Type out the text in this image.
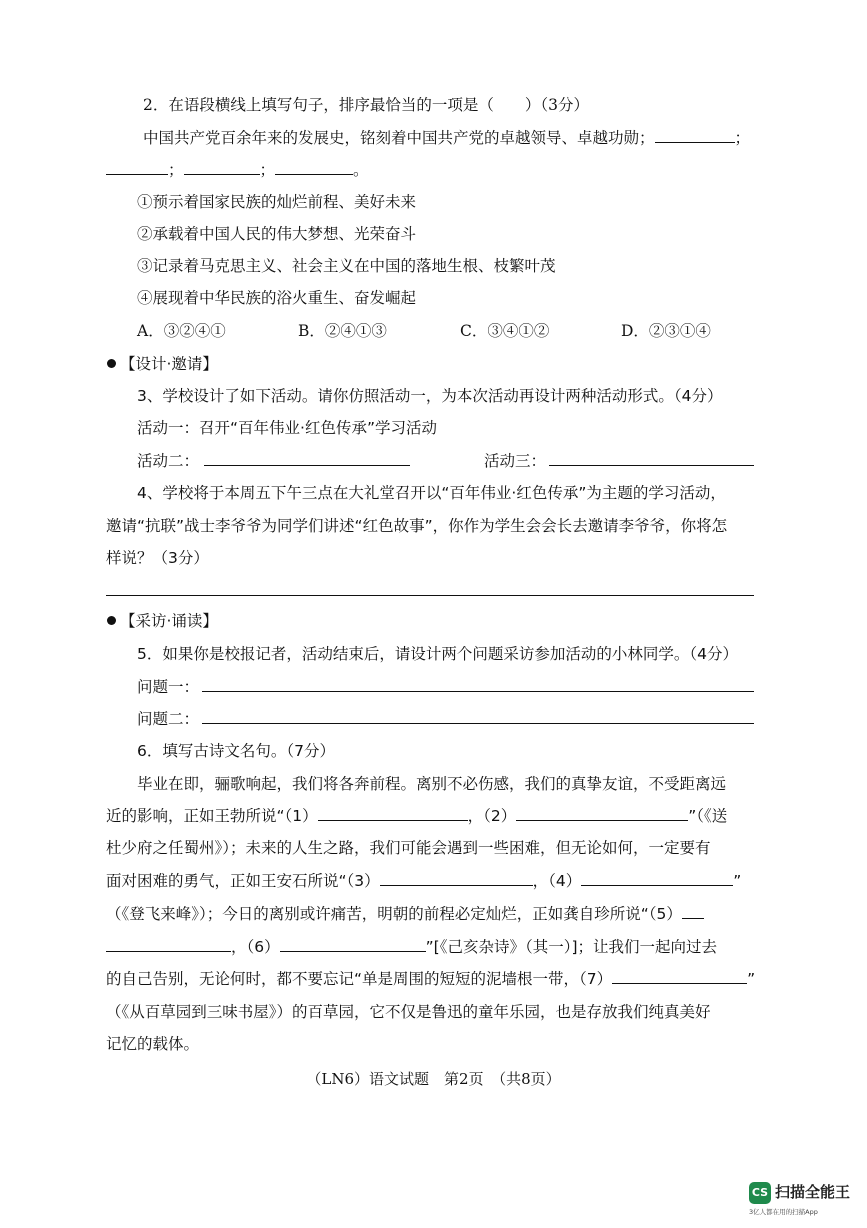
2．在语段横线上填写句子，排序最恰当的一项是（　　）（3分）
中国共产党百余年来的发展史，铭刻着中国共产党的卓越领导、卓越功勋；	；
；	；	。
①预示着国家民族的灿烂前程、美好未来
②承载着中国人民的伟大梦想、光荣奋斗
③记录着马克思主义、社会主义在中国的落地生根、枝繁叶茂
④展现着中华民族的浴火重生、奋发崛起
A．③②④①	B．②④①③	C．③④①②	D．②③①④
【设计·邀请】
3、学校设计了如下活动。请你仿照活动一，为本次活动再设计两种活动形式。（4分）
活动一：召开“百年伟业·红色传承”学习活动
活动二：	活动三：
4、学校将于本周五下午三点在大礼堂召开以“百年伟业·红色传承”为主题的学习活动，
邀请“抗联”战士李爷爷为同学们讲述“红色故事”，你作为学生会会长去邀请李爷爷，你将怎
样说？（3分）
【采访·诵读】
5．如果你是校报记者，活动结束后，请设计两个问题采访参加活动的小林同学。（4分）
问题一：
问题二：
6．填写古诗文名句。（7分）
毕业在即，骊歌响起，我们将各奔前程。离别不必伤感，我们的真挚友谊，不受距离远
近的影响，正如王勃所说“（1）	，（2）	”（《送
杜少府之任蜀州》）；未来的人生之路，我们可能会遇到一些困难，但无论如何，一定要有
面对困难的勇气，正如王安石所说“（3）	，（4）	”
（《登飞来峰》）；今日的离别或许痛苦，明朝的前程必定灿烂，正如龚自珍所说“（5）
，（6）	”[《己亥杂诗》（其一）]；让我们一起向过去
的自己告别，无论何时，都不要忘记“单是周围的短短的泥墙根一带，（7）	”
（《从百草园到三味书屋》）的百草园，它不仅是鲁迅的童年乐园，也是存放我们纯真美好
记忆的载体。
（LN6）语文试题　第2页　（共8页）
CS 扫描全能王
3亿人都在用的扫描App
